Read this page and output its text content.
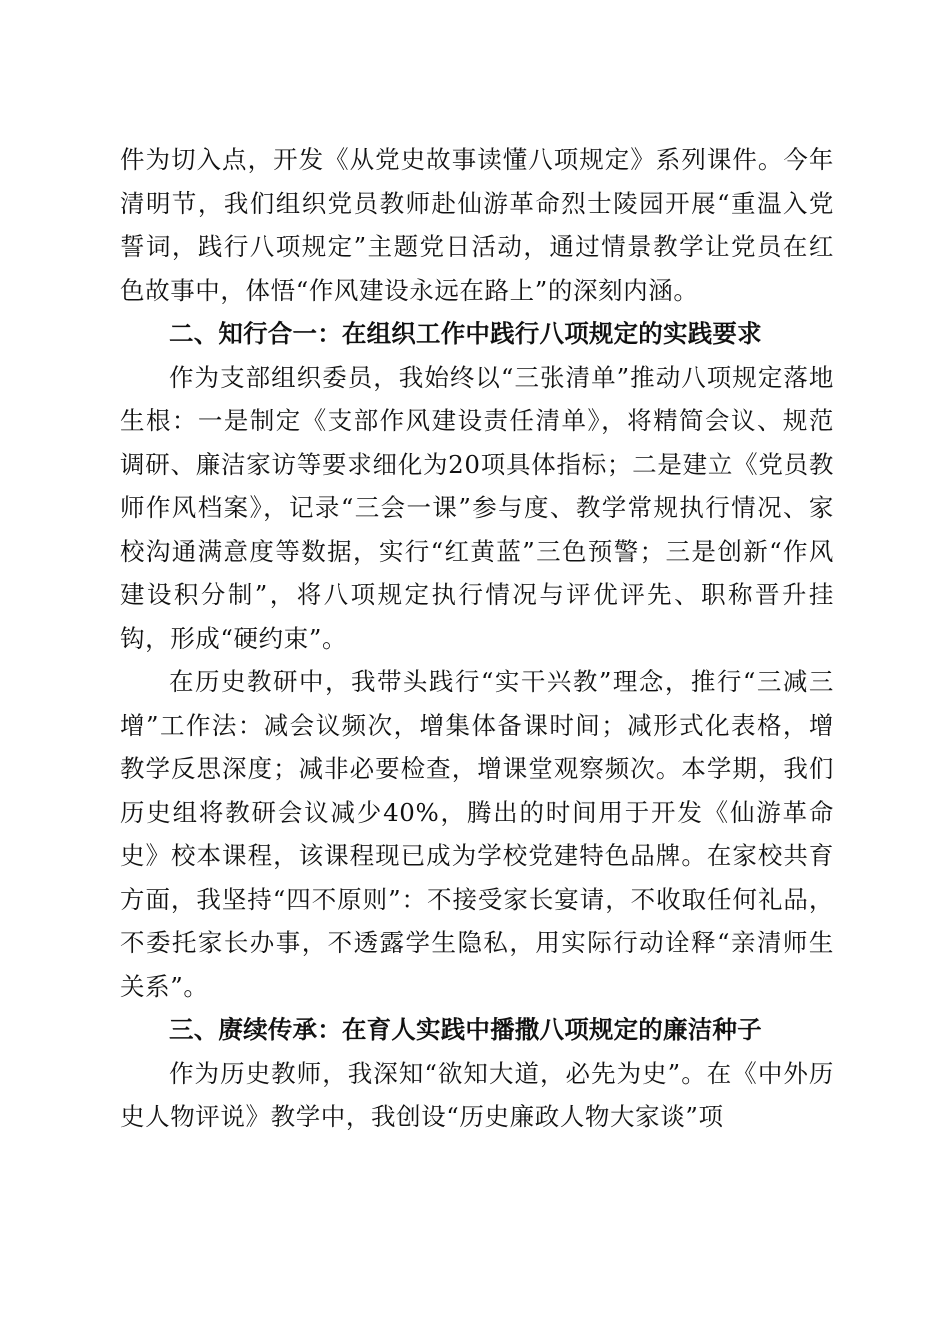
件为切入点，开发《从党史故事读懂八项规定》系列课件。今年清明节，我们组织党员教师赴仙游革命烈士陵园开展“重温入党誓词，践行八项规定”主题党日活动，通过情景教学让党员在红色故事中，体悟“作风建设永远在路上”的深刻内涵。

二、知行合一：在组织工作中践行八项规定的实践要求

作为支部组织委员，我始终以“三张清单”推动八项规定落地生根：一是制定《支部作风建设责任清单》，将精简会议、规范调研、廉洁家访等要求细化为20项具体指标；二是建立《党员教师作风档案》，记录“三会一课”参与度、教学常规执行情况、家校沟通满意度等数据，实行“红黄蓝”三色预警；三是创新“作风建设积分制”，将八项规定执行情况与评优评先、职称晋升挂钩，形成“硬约束”。

在历史教研中，我带头践行“实干兴教”理念，推行“三减三增”工作法：减会议频次，增集体备课时间；减形式化表格，增教学反思深度；减非必要检查，增课堂观察频次。本学期，我们历史组将教研会议减少40%，腾出的时间用于开发《仙游革命史》校本课程，该课程现已成为学校党建特色品牌。在家校共育方面，我坚持“四不原则”：不接受家长宴请，不收取任何礼品，不委托家长办事，不透露学生隐私，用实际行动诠释“亲清师生关系”。

三、赓续传承：在育人实践中播撒八项规定的廉洁种子

作为历史教师，我深知“欲知大道，必先为史”。在《中外历史人物评说》教学中，我创设“历史廉政人物大家谈”项
